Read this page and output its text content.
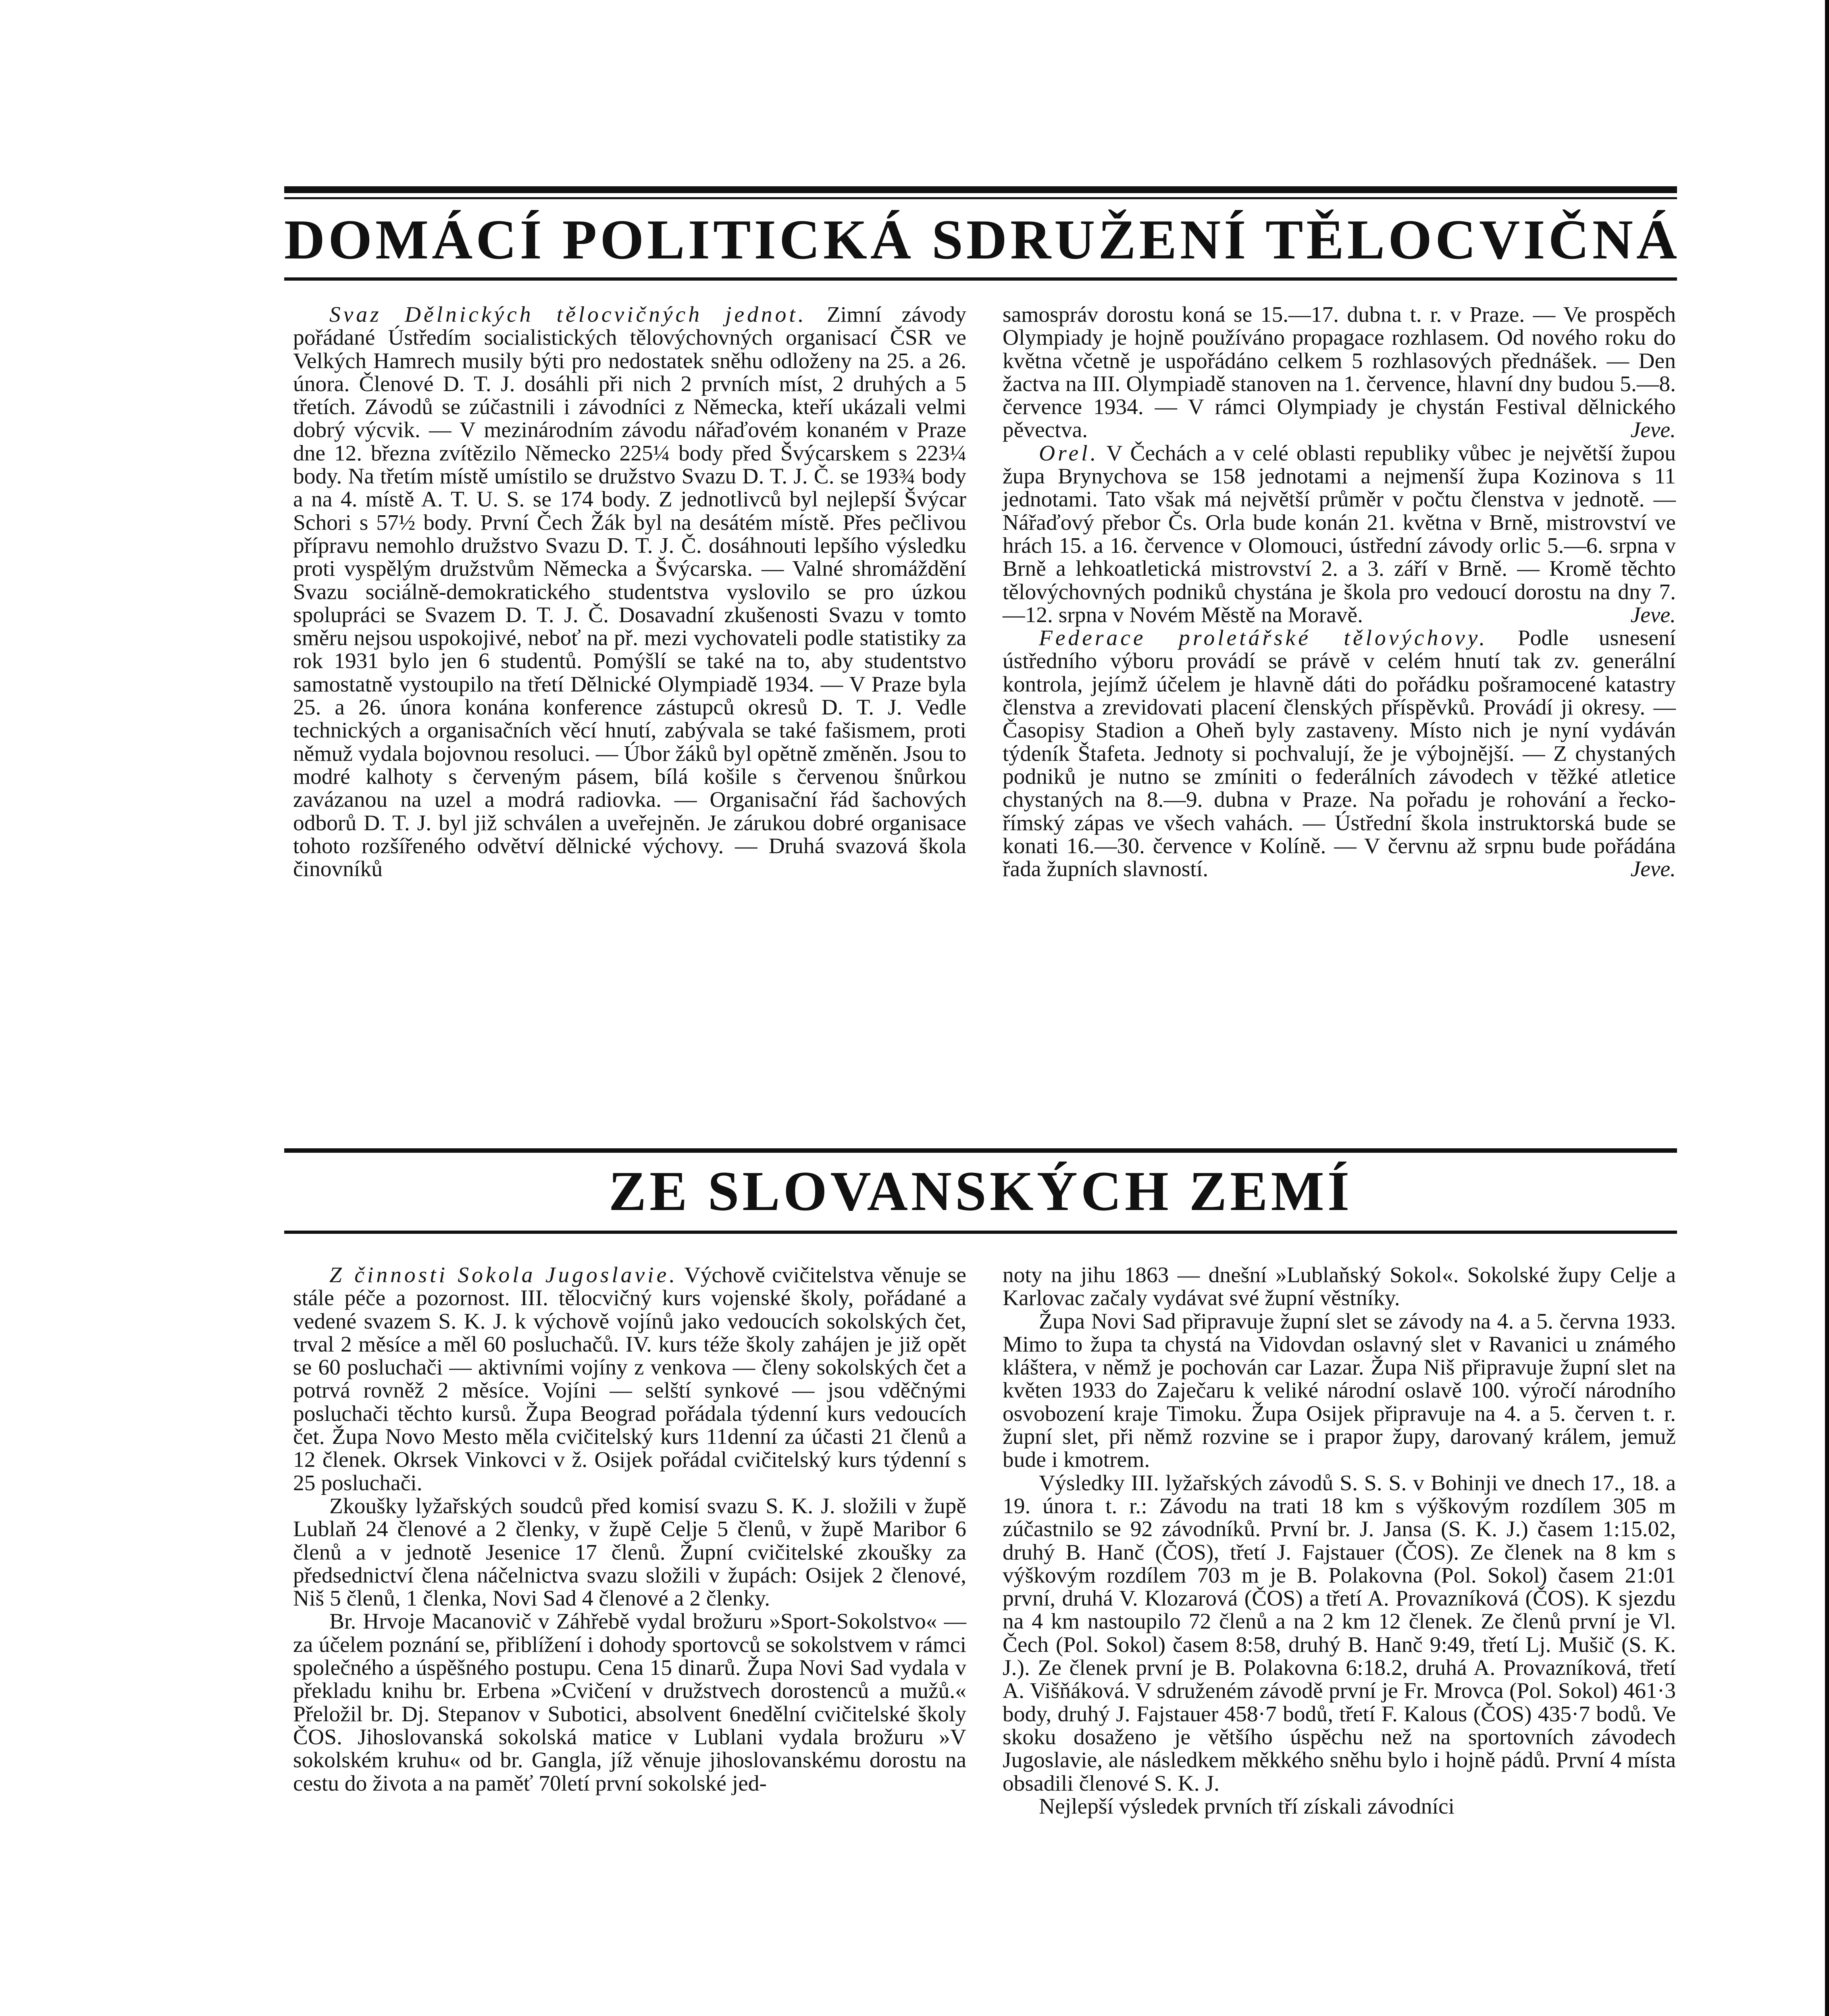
DOMÁCÍ POLITICKÁ SDRUŽENÍ TĚLOCVIČNÁ

Svaz Dělnických tělocvičných jednot. Zimní závody pořádané Ústředím socialistických tělovýchovných organisací ČSR ve Velkých Hamrech musily býti pro nedostatek sněhu odloženy na 25. a 26. února. Členové D. T. J. dosáhli při nich 2 prvních míst, 2 druhých a 5 třetích. Závodů se zúčastnili i závodníci z Německa, kteří ukázali velmi dobrý výcvik. — V mezinárodním závodu nářaďovém konaném v Praze dne 12. března zvítězilo Německo 225¼ body před Švýcarskem s 223¼ body. Na třetím místě umístilo se družstvo Svazu D. T. J. Č. se 193¾ body a na 4. místě A. T. U. S. se 174 body. Z jednotlivců byl nejlepší Švýcar Schori s 57½ body. První Čech Žák byl na desátém místě. Přes pečlivou přípravu nemohlo družstvo Svazu D. T. J. Č. dosáhnouti lepšího výsledku proti vyspělým družstvům Německa a Švýcarska. — Valné shromáždění Svazu sociálně-demokratického studentstva vyslovilo se pro úzkou spolupráci se Svazem D. T. J. Č. Dosavadní zkušenosti Svazu v tomto směru nejsou uspokojivé, neboť na př. mezi vychovateli podle statistiky za rok 1931 bylo jen 6 studentů. Pomýšlí se také na to, aby studentstvo samostatně vystoupilo na třetí Dělnické Olympiadě 1934. — V Praze byla 25. a 26. února konána konference zástupců okresů D. T. J. Vedle technických a organisačních věcí hnutí, zabývala se také fašismem, proti němuž vydala bojovnou resoluci. — Úbor žáků byl opětně změněn. Jsou to modré kalhoty s červeným pásem, bílá košile s červenou šnůrkou zavázanou na uzel a modrá radiovka. — Organisační řád šachových odborů D. T. J. byl již schválen a uveřejněn. Je zárukou dobré organisace tohoto rozšířeného odvětví dělnické výchovy. — Druhá svazová škola činovníků

samospráv dorostu koná se 15.—17. dubna t. r. v Praze. — Ve prospěch Olympiady je hojně používáno propagace rozhlasem. Od nového roku do května včetně je uspořádáno celkem 5 rozhlasových přednášek. — Den žactva na III. Olympiadě stanoven na 1. července, hlavní dny budou 5.—8. července 1934. — V rámci Olympiady je chystán Festival dělnického pěvectva.	Jeve.

Orel. V Čechách a v celé oblasti republiky vůbec je největší župou župa Brynychova se 158 jednotami a nejmenší župa Kozinova s 11 jednotami. Tato však má největší průměr v počtu členstva v jednotě. — Nářaďový přebor Čs. Orla bude konán 21. května v Brně, mistrovství ve hrách 15. a 16. července v Olomouci, ústřední závody orlic 5.—6. srpna v Brně a lehkoatletická mistrovství 2. a 3. září v Brně. — Kromě těchto tělovýchovných podniků chystána je škola pro vedoucí dorostu na dny 7.—12. srpna v Novém Městě na Moravě.	Jeve.

Federace proletářské tělovýchovy. Podle usnesení ústředního výboru provádí se právě v celém hnutí tak zv. generální kontrola, jejímž účelem je hlavně dáti do pořádku pošramocené katastry členstva a zrevidovati placení členských příspěvků. Provádí ji okresy. — Časopisy Stadion a Oheň byly zastaveny. Místo nich je nyní vydáván týdeník Štafeta. Jednoty si pochvalují, že je výbojnější. — Z chystaných podniků je nutno se zmíniti o federálních závodech v těžké atletice chystaných na 8.—9. dubna v Praze. Na pořadu je rohování a řecko-římský zápas ve všech vahách. — Ústřední škola instruktorská bude se konati 16.—30. července v Kolíně. — V červnu až srpnu bude pořádána řada župních slavností.	Jeve.

ZE SLOVANSKÝCH ZEMÍ

Z činnosti Sokola Jugoslavie. Výchově cvičitelstva věnuje se stále péče a pozornost. III. tělocvičný kurs vojenské školy, pořádané a vedené svazem S. K. J. k výchově vojínů jako vedoucích sokolských čet, trval 2 měsíce a měl 60 posluchačů. IV. kurs téže školy zahájen je již opět se 60 posluchači — aktivními vojíny z venkova — členy sokolských čet a potrvá rovněž 2 měsíce. Vojíni — selští synkové — jsou vděčnými posluchači těchto kursů. Župa Beograd pořádala týdenní kurs vedoucích čet. Župa Novo Mesto měla cvičitelský kurs 11denní za účasti 21 členů a 12 členek. Okrsek Vinkovci v ž. Osijek pořádal cvičitelský kurs týdenní s 25 posluchači.

Zkoušky lyžařských soudců před komisí svazu S. K. J. složili v župě Lublaň 24 členové a 2 členky, v župě Celje 5 členů, v župě Maribor 6 členů a v jednotě Jesenice 17 členů. Župní cvičitelské zkoušky za předsednictví člena náčelnictva svazu složili v župách: Osijek 2 členové, Niš 5 členů, 1 členka, Novi Sad 4 členové a 2 členky.

Br. Hrvoje Macanovič v Záhřebě vydal brožuru »Sport-Sokolstvo« — za účelem poznání se, přiblížení i dohody sportovců se sokolstvem v rámci společného a úspěšného postupu. Cena 15 dinarů. Župa Novi Sad vydala v překladu knihu br. Erbena »Cvičení v družstvech dorostenců a mužů.« Přeložil br. Dj. Stepanov v Subotici, absolvent 6nedělní cvičitelské školy ČOS. Jihoslovanská sokolská matice v Lublani vydala brožuru »V sokolském kruhu« od br. Gangla, jíž věnuje jihoslovanskému dorostu na cestu do života a na paměť 70letí první sokolské jed-

noty na jihu 1863 — dnešní »Lublaňský Sokol«. Sokolské župy Celje a Karlovac začaly vydávat své župní věstníky.

Župa Novi Sad připravuje župní slet se závody na 4. a 5. června 1933. Mimo to župa ta chystá na Vidovdan oslavný slet v Ravanici u známého kláštera, v němž je pochován car Lazar. Župa Niš připravuje župní slet na květen 1933 do Zaječaru k veliké národní oslavě 100. výročí národního osvobození kraje Timoku. Župa Osijek připravuje na 4. a 5. červen t. r. župní slet, při němž rozvine se i prapor župy, darovaný králem, jemuž bude i kmotrem.

Výsledky III. lyžařských závodů S. S. S. v Bohinji ve dnech 17., 18. a 19. února t. r.: Závodu na trati 18 km s výškovým rozdílem 305 m zúčastnilo se 92 závodníků. První br. J. Jansa (S. K. J.) časem 1:15.02, druhý B. Hanč (ČOS), třetí J. Fajstauer (ČOS). Ze členek na 8 km s výškovým rozdílem 703 m je B. Polakovna (Pol. Sokol) časem 21:01 první, druhá V. Klozarová (ČOS) a třetí A. Provazníková (ČOS). K sjezdu na 4 km nastoupilo 72 členů a na 2 km 12 členek. Ze členů první je Vl. Čech (Pol. Sokol) časem 8:58, druhý B. Hanč 9:49, třetí Lj. Mušič (S. K. J.). Ze členek první je B. Polakovna 6:18.2, druhá A. Provazníková, třetí A. Višňáková. V sdruženém závodě první je Fr. Mrovca (Pol. Sokol) 461·3 body, druhý J. Fajstauer 458·7 bodů, třetí F. Kalous (ČOS) 435·7 bodů. Ve skoku dosaženo je většího úspěchu než na sportovních závodech Jugoslavie, ale následkem měkkého sněhu bylo i hojně pádů. První 4 místa obsadili členové S. K. J.

Nejlepší výsledek prvních tří získali závodníci
